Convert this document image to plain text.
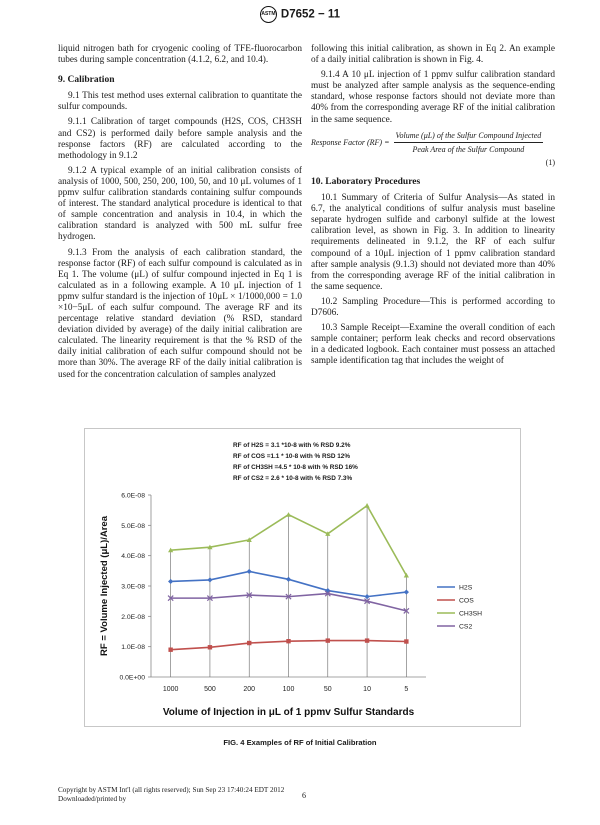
ASTM D7652 − 11

liquid nitrogen bath for cryogenic cooling of TFE-fluorocarbon tubes during sample concentration (4.1.2, 6.2, and 10.4).

9. Calibration

9.1 This test method uses external calibration to quantitate the sulfur compounds.

9.1.1 Calibration of target compounds (H2S, COS, CH3SH and CS2) is performed daily before sample analysis and the response factors (RF) are calculated according to the methodology in 9.1.2

9.1.2 A typical example of an initial calibration consists of analysis of 1000, 500, 250, 200, 100, 50, and 10 μL volumes of 1 ppmv sulfur calibration standards containing sulfur compounds of interest. The standard analytical procedure is identical to that of sample concentration and analysis in 10.4, in which the calibration standard is analyzed with 500 mL sulfur free hydrogen.

9.1.3 From the analysis of each calibration standard, the response factor (RF) of each sulfur compound is calculated as in Eq 1. The volume (μL) of sulfur compound injected in Eq 1 is calculated as in a following example. A 10 μL injection of 1 ppmv sulfur standard is the injection of 10μL × 1/1000,000 = 1.0 ×10−5μL of each sulfur compound. The average RF and its percentage relative standard deviation (% RSD, standard deviation divided by average) of the daily initial calibration are calculated. The linearity requirement is that the % RSD of the daily initial calibration of each sulfur compound should not be more than 30%. The average RF of the daily initial calibration is used for the concentration calculation of samples analyzed

following this initial calibration, as shown in Eq 2. An example of a daily initial calibration is shown in Fig. 4.

9.1.4 A 10 μL injection of 1 ppmv sulfur calibration standard must be analyzed after sample analysis as the sequence-ending standard, whose response factors should not deviate more than 40% from the corresponding average RF of the initial calibration in the same sequence.

Response Factor $(RF) = \frac{\text{Volume (μL) of the Sulfur Compound Injected}}{\text{Peak Area of the Sulfur Compound}}$
(1)
10. Laboratory Procedures

10.1 Summary of Criteria of Sulfur Analysis—As stated in 6.7, the analytical conditions of sulfur analysis must baseline separate hydrogen sulfide and carbonyl sulfide at the lowest calibration level, as shown in Fig. 3. In addition to linearity requirements delineated in 9.1.2, the RF of each sulfur compound of a 10μL injection of 1 ppmv calibration standard after sample analysis (9.1.3) should not deviated more than 40% from the corresponding average RF of the initial calibration in the same sequence.

10.2 Sampling Procedure—This is performed according to D7606.

10.3 Sample Receipt—Examine the overall condition of each sample container; perform leak checks and record observations in a dedicated logbook. Each container must possess an attached sample identification tag that includes the weight of

RF of H2S = 3.1 *10-8 with % RSD 9.2%
RF of COS =1.1 * 10-8 with % RSD 12%
RF of CH3SH =4.5 * 10-8 with % RSD 16%
RF of CS2 = 2.6 * 10-8 with % RSD 7.3%
0.0E+00
1.0E-08
2.0E-08
3.0E-08
4.0E-08
5.0E-08
6.0E-08
1000	500	200	100	50	10	5
H2S
COS
CH3SH
CS2
Volume of Injection in μL of 1 ppmv Sulfur Standards
RF = Volume Injected (μL)/Area
FIG. 4 Examples of RF of Initial Calibration
Copyright by ASTM Int'l (all rights reserved); Sun Sep 23 17:40:24 EDT 2012
Downloaded/printed by	6
